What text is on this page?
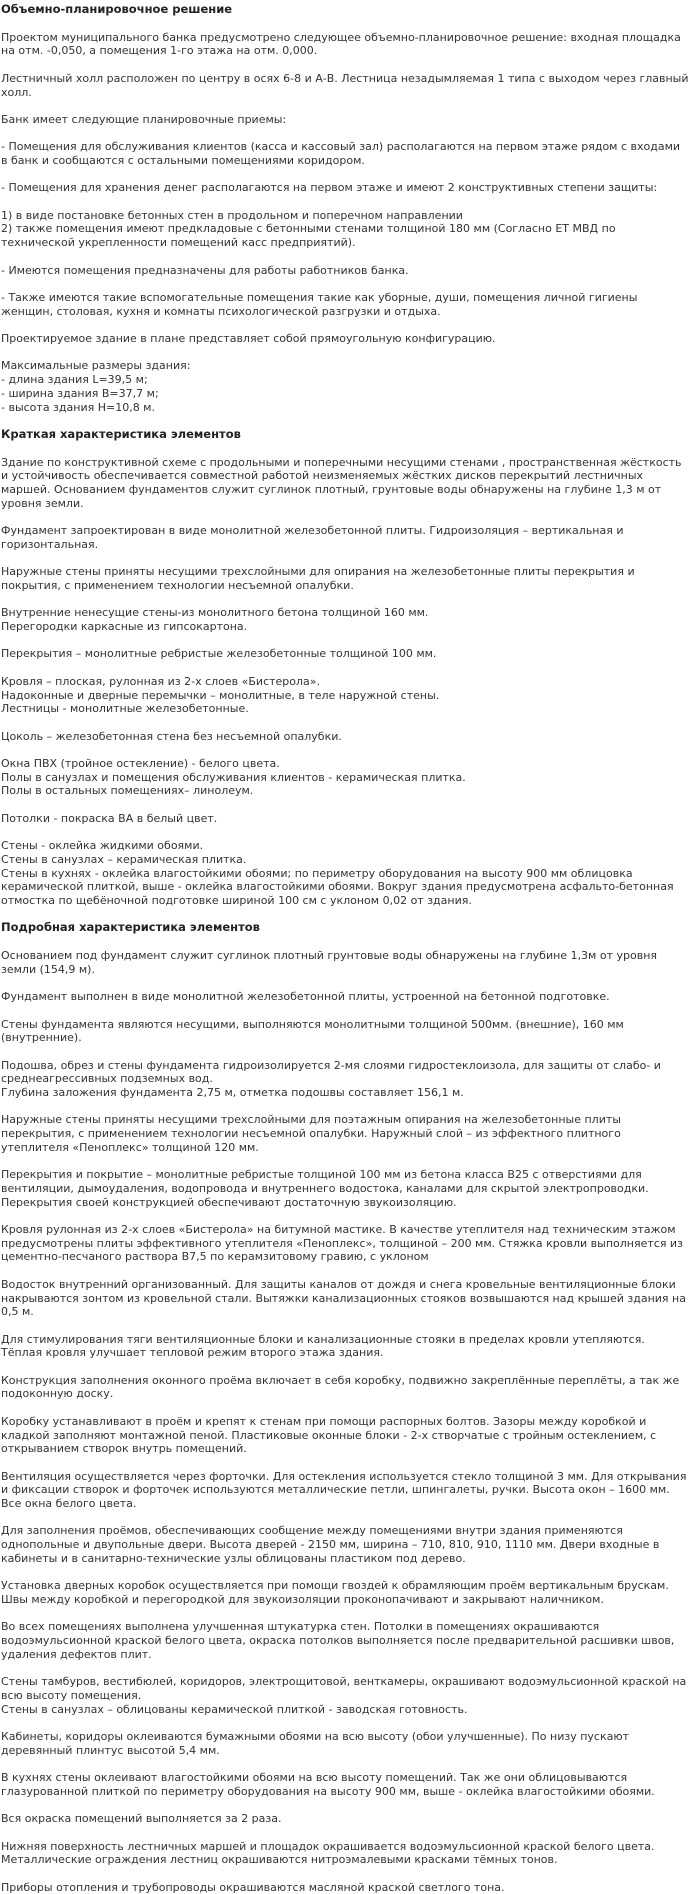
Объемно-планировочное решение

Проектом муниципального банка предусмотрено следующее объемно-планировочное решение: входная площадка на отм. -0,050, а помещения 1-го этажа на отм. 0,000.

Лестничный холл расположен по центру в осях 6-8 и А-В. Лестница незадымляемая 1 типа с выходом через главный холл.

Банк имеет следующие планировочные приемы:

- Помещения для обслуживания клиентов (касса и кассовый зал) располагаются на первом этаже рядом с входами в банк и сообщаются с остальными помещениями коридором.

- Помещения для хранения денег располагаются на первом этаже и имеют 2 конструктивных степени защиты:

1) в виде постановке бетонных стен в продольном и поперечном направлении
2) также помещения имеют предкладовые с бетонными стенами толщиной 180 мм (Согласно ЕТ МВД по технической укрепленности помещений касс предприятий).

- Имеются помещения предназначены для работы работников банка.

- Также имеются такие вспомогательные помещения такие как уборные, души, помещения личной гигиены женщин, столовая, кухня и комнаты психологической разгрузки и отдыха.

Проектируемое здание в плане представляет собой прямоугольную конфигурацию.

Максимальные размеры здания:
- длина здания L=39,5 м;
- ширина здания B=37,7 м;
- высота здания H=10,8 м.

Краткая характеристика элементов

Здание по конструктивной схеме с продольными и поперечными несущими стенами , пространственная жёсткость и устойчивость обеспечивается совместной работой неизменяемых жёстких дисков перекрытий лестничных маршей. Основанием фундаментов служит суглинок плотный, грунтовые воды обнаружены на глубине 1,3 м от уровня земли.

Фундамент запроектирован в виде монолитной железобетонной плиты. Гидроизоляция – вертикальная и горизонтальная.

Наружные стены приняты несущими трехслойными для опирания на железобетонные плиты перекрытия и покрытия, с применением технологии несъемной опалубки.

Внутренние ненесущие стены-из монолитного бетона толщиной 160 мм.
Перегородки каркасные из гипсокартона.

Перекрытия – монолитные ребристые железобетонные толщиной 100 мм.

Кровля – плоская, рулонная из 2-х слоев «Бистерола».
Надоконные и дверные перемычки – монолитные, в теле наружной стены.
Лестницы - монолитные железобетонные.

Цоколь – железобетонная стена без несъемной опалубки.

Окна ПВХ (тройное остекление) - белого цвета.
Полы в санузлах и помещения обслуживания клиентов - керамическая плитка.
Полы в остальных помещениях– линолеум.

Потолки - покраска ВА в белый цвет.

Стены - оклейка жидкими обоями.
Стены в санузлах – керамическая плитка.
Стены в кухнях - оклейка влагостойкими обоями; по периметру оборудования на высоту 900 мм облицовка керамической плиткой, выше - оклейка влагостойкими обоями. Вокруг здания предусмотрена асфальто-бетонная отмостка по щебёночной подготовке шириной 100 см с уклоном 0,02 от здания.

Подробная характеристика элементов

Основанием под фундамент служит суглинок плотный грунтовые воды обнаружены на глубине 1,3м от уровня земли (154,9 м).

Фундамент выполнен в виде монолитной железобетонной плиты, устроенной на бетонной подготовке.

Стены фундамента являются несущими, выполняются монолитными толщиной 500мм. (внешние), 160 мм (внутренние).

Подошва, обрез и стены фундамента гидроизолируется 2-мя слоями гидростеклоизола, для защиты от слабо- и среднеагрессивных подземных вод.
Глубина заложения фундамента 2,75 м, отметка подошвы составляет 156,1 м.

Наружные стены приняты несущими трехслойными для поэтажным опирания на железобетонные плиты перекрытия, с применением технологии несъемной опалубки. Наружный слой – из эффектного плитного утеплителя «Пеноплекс» толщиной 120 мм.

Перекрытия и покрытие – монолитные ребристые толщиной 100 мм из бетона класса В25 с отверстиями для вентиляции, дымоудаления, водопровода и внутреннего водостока, каналами для скрытой электропроводки. Перекрытия своей конструкцией обеспечивают достаточную звукоизоляцию.

Кровля рулонная из 2-х слоев «Бистерола» на битумной мастике. В качестве утеплителя над техническим этажом предусмотрены плиты эффективного утеплителя «Пеноплекс», толщиной – 200 мм. Стяжка кровли выполняется из цементно-песчаного раствора В7,5 по керамзитовому гравию, с уклоном

Водосток внутренний организованный. Для защиты каналов от дождя и снега кровельные вентиляционные блоки накрываются зонтом из кровельной стали. Вытяжки канализационных стояков возвышаются над крышей здания на 0,5 м.

Для стимулирования тяги вентиляционные блоки и канализационные стояки в пределах кровли утепляются. Тёплая кровля улучшает тепловой режим второго этажа здания.

Конструкция заполнения оконного проёма включает в себя коробку, подвижно закреплённые переплёты, а так же подоконную доску.

Коробку устанавливают в проём и крепят к стенам при помощи распорных болтов. Зазоры между коробкой и кладкой заполняют монтажной пеной. Пластиковые оконные блоки - 2-х створчатые с тройным остеклением, с открыванием створок внутрь помещений.

Вентиляция осуществляется через форточки. Для остекления используется стекло толщиной 3 мм. Для открывания и фиксации створок и форточек используются металлические петли, шпингалеты, ручки. Высота окон – 1600 мм. Все окна белого цвета.

Для заполнения проёмов, обеспечивающих сообщение между помещениями внутри здания применяются однопольные и двупольные двери. Высота дверей - 2150 мм, ширина – 710, 810, 910, 1110 мм. Двери входные в кабинеты и в санитарно-технические узлы облицованы пластиком под дерево.

Установка дверных коробок осуществляется при помощи гвоздей к обрамляющим проём вертикальным брускам. Швы между коробкой и перегородкой для звукоизоляции проконопачивают и закрывают наличником.

Во всех помещениях выполнена улучшенная штукатурка стен. Потолки в помещениях окрашиваются водоэмульсионной краской белого цвета, окраска потолков выполняется после предварительной расшивки швов, удаления дефектов плит.

Стены тамбуров, вестибюлей, коридоров, электрощитовой, венткамеры, окрашивают водоэмульсионной краской на всю высоту помещения.
Стены в санузлах – облицованы керамической плиткой - заводская готовность.

Кабинеты, коридоры оклеиваются бумажными обоями на всю высоту (обои улучшенные). По низу пускают деревянный плинтус высотой 5,4 мм.

В кухнях стены оклеивают влагостойкими обоями на всю высоту помещений. Так же они облицовываются глазурованной плиткой по периметру оборудования на высоту 900 мм, выше - оклейка влагостойкими обоями.

Вся окраска помещений выполняется за 2 раза.

Нижняя поверхность лестничных маршей и площадок окрашивается водоэмульсионной краской белого цвета.
Металлические ограждения лестниц окрашиваются нитроэмалевыми красками тёмных тонов.

Приборы отопления и трубопроводы окрашиваются масляной краской светлого тона.
